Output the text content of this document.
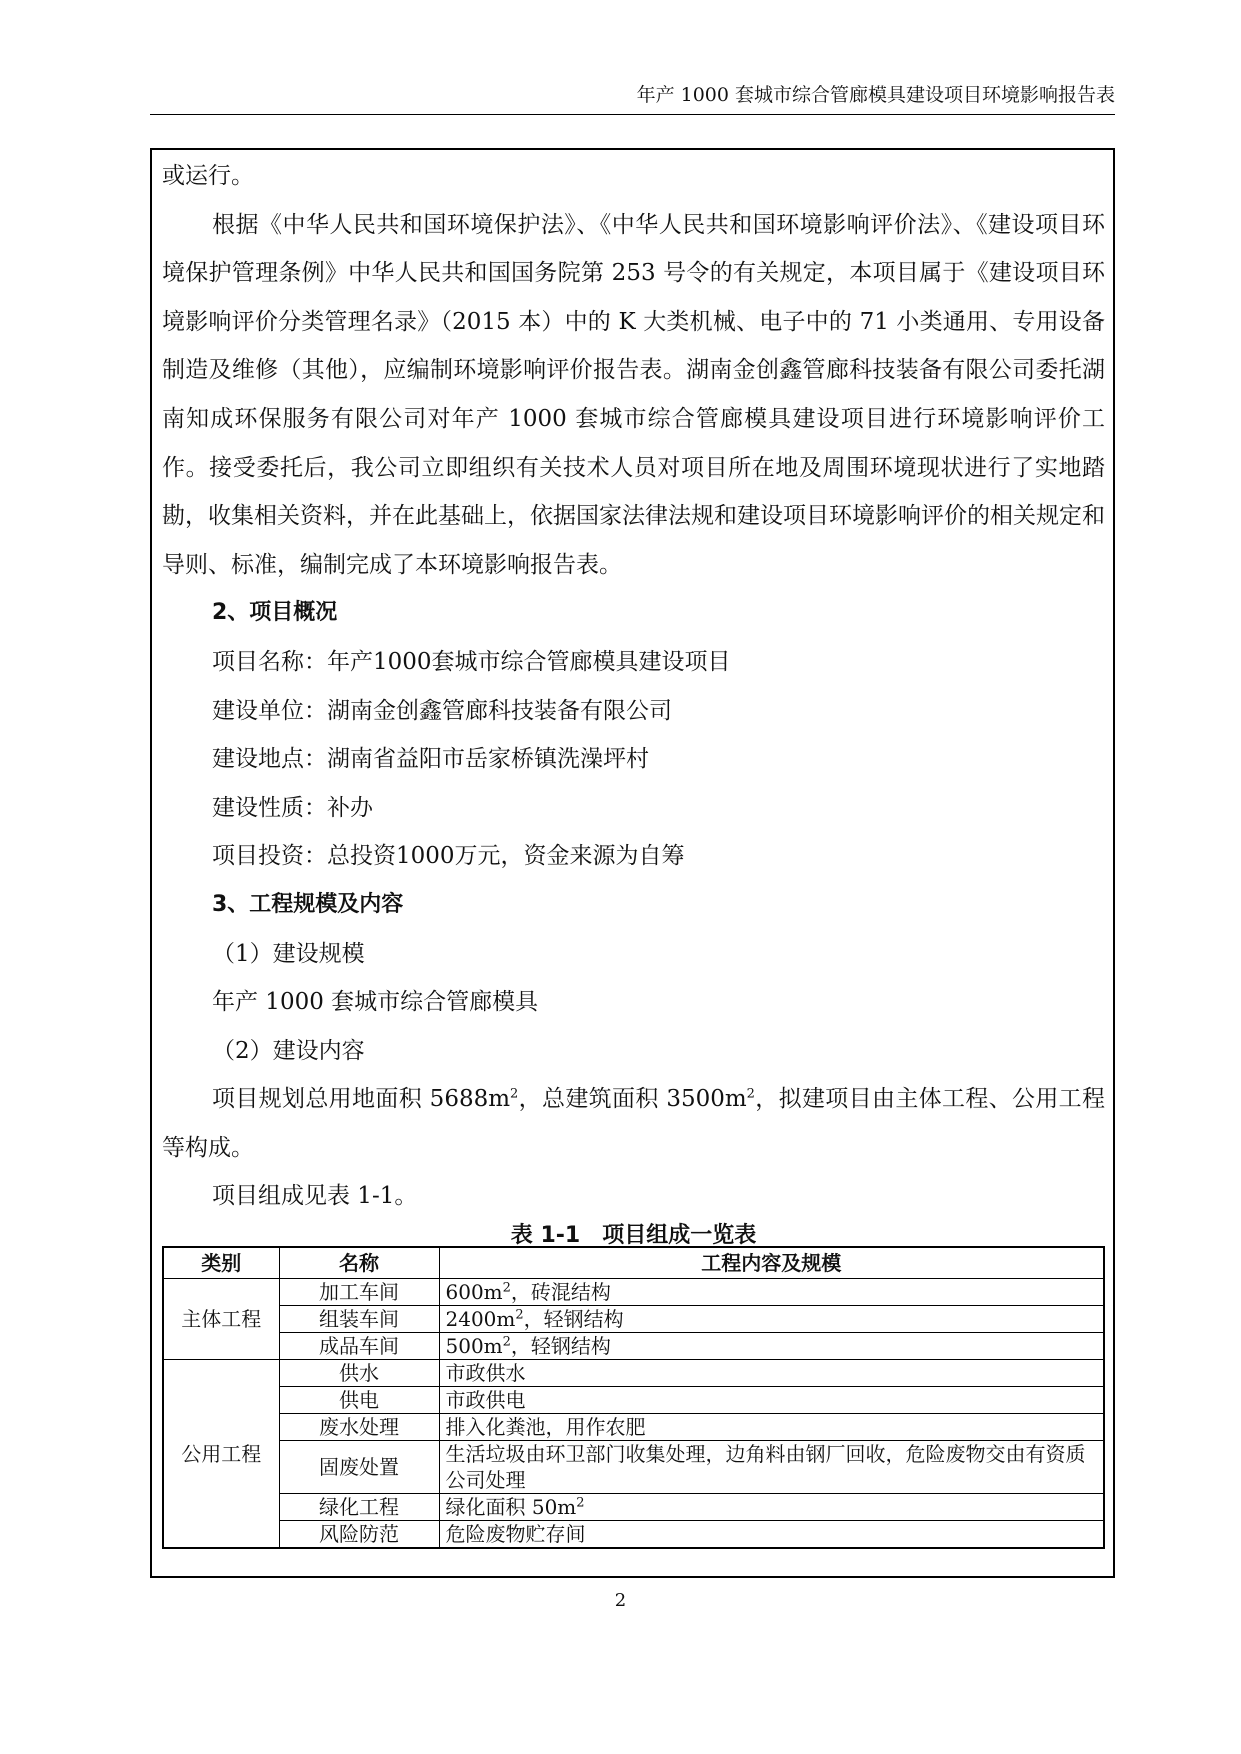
年产 1000 套城市综合管廊模具建设项目环境影响报告表

或运行。

根据《中华人民共和国环境保护法》、《中华人民共和国环境影响评价法》、《建设项目环境保护管理条例》中华人民共和国国务院第 253 号令的有关规定，本项目属于《建设项目环境影响评价分类管理名录》（2015 本）中的 K 大类机械、电子中的 71 小类通用、专用设备制造及维修（其他），应编制环境影响评价报告表。湖南金创鑫管廊科技装备有限公司委托湖南知成环保服务有限公司对年产 1000 套城市综合管廊模具建设项目进行环境影响评价工作。接受委托后，我公司立即组织有关技术人员对项目所在地及周围环境现状进行了实地踏勘，收集相关资料，并在此基础上，依据国家法律法规和建设项目环境影响评价的相关规定和导则、标准，编制完成了本环境影响报告表。

2、项目概况

项目名称：年产1000套城市综合管廊模具建设项目

建设单位：湖南金创鑫管廊科技装备有限公司

建设地点：湖南省益阳市岳家桥镇洗澡坪村

建设性质：补办

项目投资：总投资1000万元，资金来源为自筹

3、工程规模及内容

（1）建设规模

年产 1000 套城市综合管廊模具

（2）建设内容

项目规划总用地面积 $5688m^2$，总建筑面积 $3500m^2$，拟建项目由主体工程、公用工程等构成。

项目组成见表 1-1。

表 1-1　项目组成一览表
类别	名称	工程内容及规模
主体工程	加工车间	$600m^2$，砖混结构
	组装车间	$2400m^2$，轻钢结构
	成品车间	$500m^2$，轻钢结构
公用工程	供水	市政供水
	供电	市政供电
	废水处理	排入化粪池，用作农肥
	固废处置	生活垃圾由环卫部门收集处理，边角料由钢厂回收，危险废物交由有资质公司处理
	绿化工程	绿化面积 $50m^2$
	风险防范	危险废物贮存间
2
